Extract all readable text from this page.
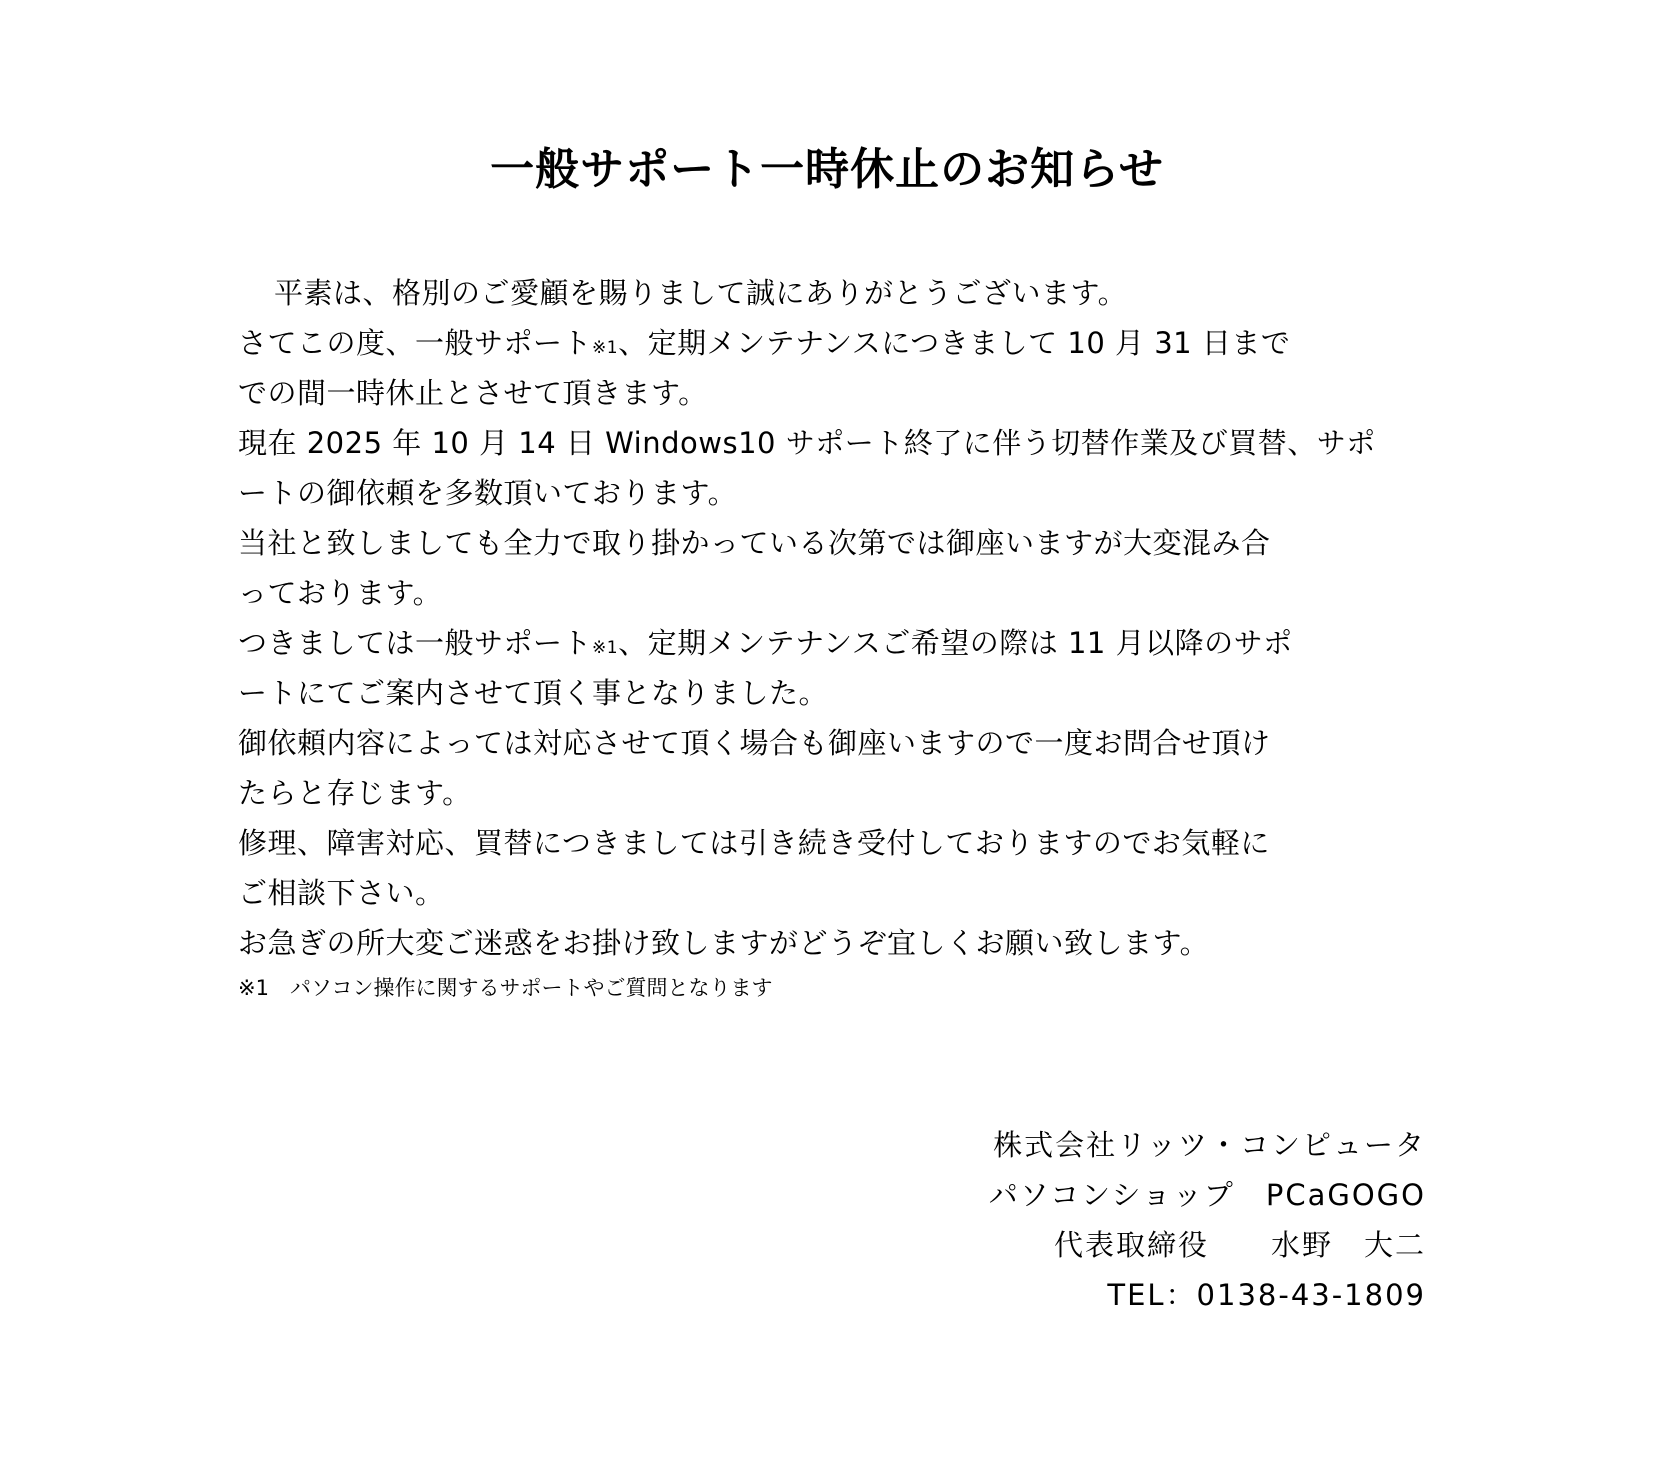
一般サポート一時休止のお知らせ
平素は、格別のご愛顧を賜りまして誠にありがとうございます。
さてこの度、一般サポート※1、定期メンテナンスにつきまして 10 月 31 日まで
での間一時休止とさせて頂きます。
現在 2025 年 10 月 14 日 Windows10 サポート終了に伴う切替作業及び買替、サポ
ートの御依頼を多数頂いております。
当社と致しましても全力で取り掛かっている次第では御座いますが大変混み合
っております。
つきましては一般サポート※1、定期メンテナンスご希望の際は 11 月以降のサポ
ートにてご案内させて頂く事となりました。
御依頼内容によっては対応させて頂く場合も御座いますので一度お問合せ頂け
たらと存じます。
修理、障害対応、買替につきましては引き続き受付しておりますのでお気軽に
ご相談下さい。
お急ぎの所大変ご迷惑をお掛け致しますがどうぞ宜しくお願い致します。
※1　パソコン操作に関するサポートやご質問となります
株式会社リッツ・コンピュータ
パソコンショップ　PCaGOGO
代表取締役　　水野　大二
TEL：0138-43-1809
